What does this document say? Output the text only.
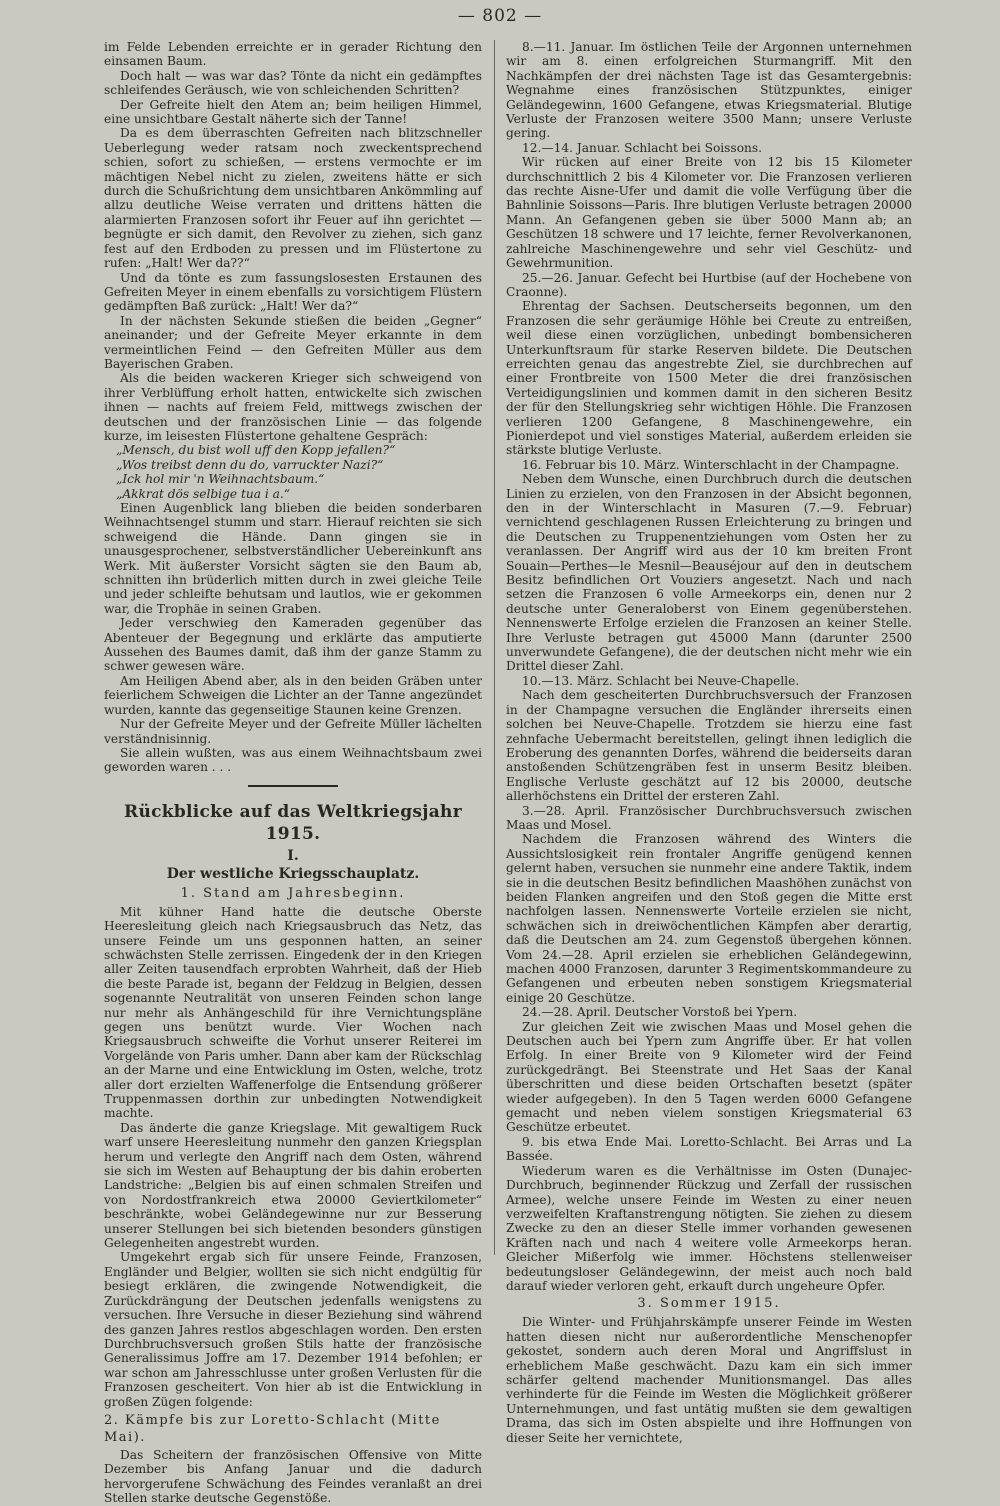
— 802 —

im Felde Lebenden erreichte er in gerader Richtung den einsamen Baum.

Doch halt — was war das? Tönte da nicht ein gedämpftes schleifendes Geräusch, wie von schleichenden Schritten?

Der Gefreite hielt den Atem an; beim heiligen Himmel, eine unsichtbare Gestalt näherte sich der Tanne!

Da es dem überraschten Gefreiten nach blitzschneller Ueberlegung weder ratsam noch zweckentsprechend schien, sofort zu schießen, — erstens vermochte er im mächtigen Nebel nicht zu zielen, zweitens hätte er sich durch die Schußrichtung dem unsichtbaren Ankömmling auf allzu deutliche Weise verraten und drittens hätten die alarmierten Franzosen sofort ihr Feuer auf ihn gerichtet — begnügte er sich damit, den Revolver zu ziehen, sich ganz fest auf den Erdboden zu pressen und im Flüstertone zu rufen: „Halt! Wer da??“

Und da tönte es zum fassungslosesten Erstaunen des Gefreiten Meyer in einem ebenfalls zu vorsichtigem Flüstern gedämpften Baß zurück: „Halt! Wer da?“

In der nächsten Sekunde stießen die beiden „Gegner“ aneinander; und der Gefreite Meyer erkannte in dem vermeintlichen Feind — den Gefreiten Müller aus dem Bayerischen Graben.

Als die beiden wackeren Krieger sich schweigend von ihrer Verblüffung erholt hatten, entwickelte sich zwischen ihnen — nachts auf freiem Feld, mittwegs zwischen der deutschen und der französischen Linie — das folgende kurze, im leisesten Flüstertone gehaltene Gespräch:

„Mensch, du bist woll uff den Kopp jefallen?“

„Wos treibst denn du do, varruckter Nazi?“

„Ick hol mir 'n Weihnachtsbaum.“

„Akkrat dös selbige tua i a.“

Einen Augenblick lang blieben die beiden sonderbaren Weihnachtsengel stumm und starr. Hierauf reichten sie sich schweigend die Hände. Dann gingen sie in unausgesprochener, selbstverständlicher Uebereinkunft ans Werk. Mit äußerster Vorsicht sägten sie den Baum ab, schnitten ihn brüderlich mitten durch in zwei gleiche Teile und jeder schleifte behutsam und lautlos, wie er gekommen war, die Trophäe in seinen Graben.

Jeder verschwieg den Kameraden gegenüber das Abenteuer der Begegnung und erklärte das amputierte Aussehen des Baumes damit, daß ihm der ganze Stamm zu schwer gewesen wäre.

Am Heiligen Abend aber, als in den beiden Gräben unter feierlichem Schweigen die Lichter an der Tanne angezündet wurden, kannte das gegenseitige Staunen keine Grenzen.

Nur der Gefreite Meyer und der Gefreite Müller lächelten verständnisinnig.

Sie allein wußten, was aus einem Weihnachtsbaum zwei geworden waren . . .

Rückblicke auf das Weltkriegsjahr 1915.
I.
Der westliche Kriegsschauplatz.
1. Stand am Jahresbeginn.

Mit kühner Hand hatte die deutsche Oberste Heeresleitung gleich nach Kriegsausbruch das Netz, das unsere Feinde um uns gesponnen hatten, an seiner schwächsten Stelle zerrissen. Eingedenk der in den Kriegen aller Zeiten tausendfach erprobten Wahrheit, daß der Hieb die beste Parade ist, begann der Feldzug in Belgien, dessen sogenannte Neutralität von unseren Feinden schon lange nur mehr als Anhängeschild für ihre Vernichtungspläne gegen uns benützt wurde. Vier Wochen nach Kriegsausbruch schweifte die Vorhut unserer Reiterei im Vorgelände von Paris umher. Dann aber kam der Rückschlag an der Marne und eine Entwicklung im Osten, welche, trotz aller dort erzielten Waffenerfolge die Entsendung größerer Truppenmassen dorthin zur unbedingten Notwendigkeit machte.

Das änderte die ganze Kriegslage. Mit gewaltigem Ruck warf unsere Heeresleitung nunmehr den ganzen Kriegsplan herum und verlegte den Angriff nach dem Osten, während sie sich im Westen auf Behauptung der bis dahin eroberten Landstriche: „Belgien bis auf einen schmalen Streifen und von Nordostfrankreich etwa 20000 Geviertkilometer“ beschränkte, wobei Geländegewinne nur zur Besserung unserer Stellungen bei sich bietenden besonders günstigen Gelegenheiten angestrebt wurden.

Umgekehrt ergab sich für unsere Feinde, Franzosen, Engländer und Belgier, wollten sie sich nicht endgültig für besiegt erklären, die zwingende Notwendigkeit, die Zurückdrängung der Deutschen jedenfalls wenigstens zu versuchen. Ihre Versuche in dieser Beziehung sind während des ganzen Jahres restlos abgeschlagen worden. Den ersten Durchbruchsversuch großen Stils hatte der französische Generalissimus Joffre am 17. Dezember 1914 befohlen; er war schon am Jahresschlusse unter großen Verlusten für die Franzosen gescheitert. Von hier ab ist die Entwicklung in großen Zügen folgende:

2. Kämpfe bis zur Loretto-Schlacht (Mitte Mai).

Das Scheitern der französischen Offensive von Mitte Dezember bis Anfang Januar und die dadurch hervorgerufene Schwächung des Feindes veranlaßt an drei Stellen starke deutsche Gegenstöße.

8.—11. Januar. Im östlichen Teile der Argonnen unternehmen wir am 8. einen erfolgreichen Sturmangriff. Mit den Nachkämpfen der drei nächsten Tage ist das Gesamtergebnis: Wegnahme eines französischen Stützpunktes, einiger Geländegewinn, 1600 Gefangene, etwas Kriegsmaterial. Blutige Verluste der Franzosen weitere 3500 Mann; unsere Verluste gering.

12.—14. Januar. Schlacht bei Soissons.

Wir rücken auf einer Breite von 12 bis 15 Kilometer durchschnittlich 2 bis 4 Kilometer vor. Die Franzosen verlieren das rechte Aisne-Ufer und damit die volle Verfügung über die Bahnlinie Soissons—Paris. Ihre blutigen Verluste betragen 20000 Mann. An Gefangenen geben sie über 5000 Mann ab; an Geschützen 18 schwere und 17 leichte, ferner Revolverkanonen, zahlreiche Maschinengewehre und sehr viel Geschütz- und Gewehrmunition.

25.—26. Januar. Gefecht bei Hurtbise (auf der Hochebene von Craonne).

Ehrentag der Sachsen. Deutscherseits begonnen, um den Franzosen die sehr geräumige Höhle bei Creute zu entreißen, weil diese einen vorzüglichen, unbedingt bombensicheren Unterkunftsraum für starke Reserven bildete. Die Deutschen erreichten genau das angestrebte Ziel, sie durchbrechen auf einer Frontbreite von 1500 Meter die drei französischen Verteidigungslinien und kommen damit in den sicheren Besitz der für den Stellungskrieg sehr wichtigen Höhle. Die Franzosen verlieren 1200 Gefangene, 8 Maschinengewehre, ein Pionierdepot und viel sonstiges Material, außerdem erleiden sie stärkste blutige Verluste.

16. Februar bis 10. März. Winterschlacht in der Champagne.

Neben dem Wunsche, einen Durchbruch durch die deutschen Linien zu erzielen, von den Franzosen in der Absicht begonnen, den in der Winterschlacht in Masuren (7.—9. Februar) vernichtend geschlagenen Russen Erleichterung zu bringen und die Deutschen zu Truppenentziehungen vom Osten her zu veranlassen. Der Angriff wird aus der 10 km breiten Front Souain—Perthes—le Mesnil—Beauséjour auf den in deutschem Besitz befindlichen Ort Vouziers angesetzt. Nach und nach setzen die Franzosen 6 volle Armeekorps ein, denen nur 2 deutsche unter Generaloberst von Einem gegenüberstehen. Nennenswerte Erfolge erzielen die Franzosen an keiner Stelle. Ihre Verluste betragen gut 45000 Mann (darunter 2500 unverwundete Gefangene), die der deutschen nicht mehr wie ein Drittel dieser Zahl.

10.—13. März. Schlacht bei Neuve-Chapelle.

Nach dem gescheiterten Durchbruchsversuch der Franzosen in der Champagne versuchen die Engländer ihrerseits einen solchen bei Neuve-Chapelle. Trotzdem sie hierzu eine fast zehnfache Uebermacht bereitstellen, gelingt ihnen lediglich die Eroberung des genannten Dorfes, während die beiderseits daran anstoßenden Schützengräben fest in unserm Besitz bleiben. Englische Verluste geschätzt auf 12 bis 20000, deutsche allerhöchstens ein Drittel der ersteren Zahl.

3.—28. April. Französischer Durchbruchsversuch zwischen Maas und Mosel.

Nachdem die Franzosen während des Winters die Aussichtslosigkeit rein frontaler Angriffe genügend kennen gelernt haben, versuchen sie nunmehr eine andere Taktik, indem sie in die deutschen Besitz befindlichen Maashöhen zunächst von beiden Flanken angreifen und den Stoß gegen die Mitte erst nachfolgen lassen. Nennenswerte Vorteile erzielen sie nicht, schwächen sich in dreiwöchentlichen Kämpfen aber derartig, daß die Deutschen am 24. zum Gegenstoß übergehen können. Vom 24.—28. April erzielen sie erheblichen Geländegewinn, machen 4000 Franzosen, darunter 3 Regimentskommandeure zu Gefangenen und erbeuten neben sonstigem Kriegsmaterial einige 20 Geschütze.

24.—28. April. Deutscher Vorstoß bei Ypern.

Zur gleichen Zeit wie zwischen Maas und Mosel gehen die Deutschen auch bei Ypern zum Angriffe über. Er hat vollen Erfolg. In einer Breite von 9 Kilometer wird der Feind zurückgedrängt. Bei Steenstrate und Het Saas der Kanal überschritten und diese beiden Ortschaften besetzt (später wieder aufgegeben). In den 5 Tagen werden 6000 Gefangene gemacht und neben vielem sonstigen Kriegsmaterial 63 Geschütze erbeutet.

9. bis etwa Ende Mai. Loretto-Schlacht. Bei Arras und La Bassée.

Wiederum waren es die Verhältnisse im Osten (Dunajec-Durchbruch, beginnender Rückzug und Zerfall der russischen Armee), welche unsere Feinde im Westen zu einer neuen verzweifelten Kraftanstrengung nötigten. Sie ziehen zu diesem Zwecke zu den an dieser Stelle immer vorhanden gewesenen Kräften nach und nach 4 weitere volle Armeekorps heran. Gleicher Mißerfolg wie immer. Höchstens stellenweiser bedeutungsloser Geländegewinn, der meist auch noch bald darauf wieder verloren geht, erkauft durch ungeheure Opfer.

3. Sommer 1915.

Die Winter- und Frühjahrskämpfe unserer Feinde im Westen hatten diesen nicht nur außerordentliche Menschenopfer gekostet, sondern auch deren Moral und Angriffslust in erheblichem Maße geschwächt. Dazu kam ein sich immer schärfer geltend machender Munitionsmangel. Das alles verhinderte für die Feinde im Westen die Möglichkeit größerer Unternehmungen, und fast untätig mußten sie dem gewaltigen Drama, das sich im Osten abspielte und ihre Hoffnungen von dieser Seite her vernichtete,
